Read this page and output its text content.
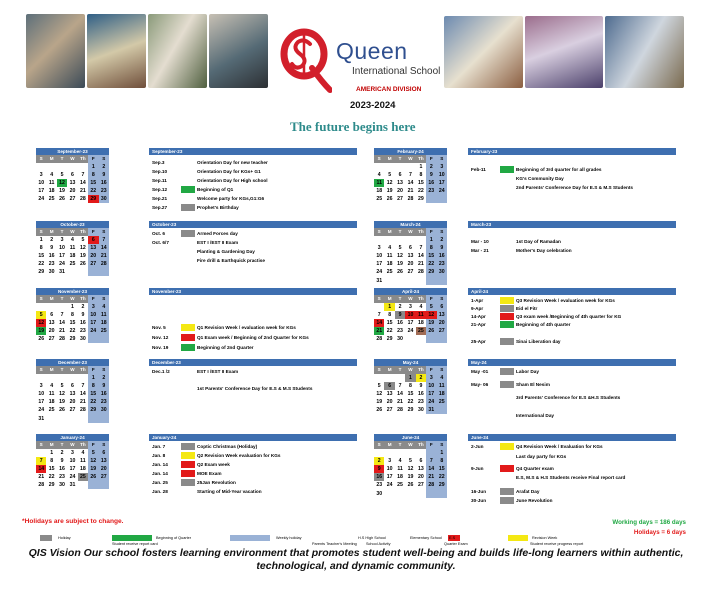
Queen
International School
AMERICAN DIVISION
2023-2024
The future begins here
September-23
S	M	T	W	Th	F	S
					1	2
3	4	5	6	7	8	9
10	11	12	13	14	15	16
17	18	19	20	21	22	23
24	25	26	27	28	29	30
October-23
S	M	T	W	Th	F	S
1	2	3	4	5	6	7
8	9	10	11	12	13	14
15	16	17	18	19	20	21
22	23	24	25	26	27	28
29	30	31				
November-23
S	M	T	W	Th	F	S
			1	2	3	4
5	6	7	8	9	10	11
12	13	14	15	16	17	18
19	20	21	22	23	24	25
26	27	28	29	30		
December-23
S	M	T	W	Th	F	S
					1	2
3	4	5	6	7	8	9
10	11	12	13	14	15	16
17	18	19	20	21	22	23
24	25	26	27	28	29	30
31						
January-24
S	M	T	W	Th	F	S
	1	2	3	4	5	6
7	8	9	10	11	12	13
14	15	16	17	18	19	20
21	22	23	24	25	26	27
28	29	30	31			
February-24
S	M	T	W	Th	F	S
				1	2	3
4	5	6	7	8	9	10
11	12	13	14	15	16	17
18	19	20	21	22	23	24
25	26	27	28	29		
March-24
S	M	T	W	Th	F	S
					1	2
3	4	5	6	7	8	9
10	11	12	13	14	15	16
17	18	19	20	21	22	23
24	25	26	27	28	29	30
31						
April-24
S	M	T	W	Th	F	S
	1	2	3	4	5	6
7	8	9	10	11	12	13
14	15	16	17	18	19	20
21	22	23	24	25	26	27
28	29	30				
May-24
S	M	T	W	Th	F	S
			1	2	3	4
5	6	7	8	9	10	11
12	13	14	15	16	17	18
19	20	21	22	23	24	25
26	27	28	29	30	31	
June-24
S	M	T	W	Th	F	S
						1
2	3	4	5	6	7	8
9	10	11	12	13	14	15
16	17	18	19	20	21	22
23	24	25	26	27	28	29
30						
September-23
Sep.3	Orientation Day for new teacher
Sep.10	Orientation Day for KGs+ G1
Sep.11	Orientation Day for High school
Sep.12	Beginning of Q1
Sep.21	Welcome party for KGs,G1:G6
Sep.27	Prophet's Birthday
October-23
Oct. 6	Armed Forces day
Oct. 6/7	EST I /EST II Exam
Planting & Gardening Day
Fire drill & Earthquick practise
November-23
Nov. 5	Q1 Revision Week / evaluation week for KGs
Nov. 12	Q1 Exam week / Beginning of 2nd Quarter for KGs
Nov. 19	Beginning of 2nd Quarter
December-23
Dec.1 /2	EST I /EST II Exam
1st Parents' Conference Day for E.S & M.S Students
January-24
Jan. 7	Coptic Christmas (Holiday)
Jan. 8	Q2 Revision Week evaluation for KGs
Jan. 14	Q2 Exam week
Jan. 14	MOE Exam
Jan. 25	25Jan Revolution
Jan. 28	Starting of Mid-Year vacation
February-23
Feb-11	Beginning of 3rd quarter for all grades
KG's Community Day
2nd Parents' Conference Day for E.S & M.S Students
March-23
Mar - 10	1st Day of Ramadan
Mar - 21	Mother's Day celebration
April-24
1-Apr	Q3 Revision Week / evaluation week for KGs
9-Apr	Eid el Fitr
14-Apr	Q3 exam week /Beginning of 4th quarter for KG
21-Apr	Beginning of 4th quarter
25-Apr	Sinai Liberation day
May-24
May -01	Labor Day
May- 06	Sham El Nesim
3rd Parents' Conference for E.S &H.S Students
International Day
June-24
2-Jun	Q4 Revision Week / Evaluation for KGs
Last day party for KGs
9-Jun	Q4 Quarter exam
E.S, M.S & H.S Students receive Final report card
16-Jun	Arafat Day
30-Jun	June Revolution
*Holidays are subject to change.	Working days = 186 days
Holidays = 6 days
Holiday	Beginning of Quarter
Student receive report card
Weekly holiday	H.S High School
Parents Teacher's Meeting School Activity
E.S
Elementary School
Quarter Exam
Revision Week
Student receive progress report
QIS Vision Our school fosters learning environment that promotes student well-being and builds life-long learners within authentic, technological, and dynamic community.
